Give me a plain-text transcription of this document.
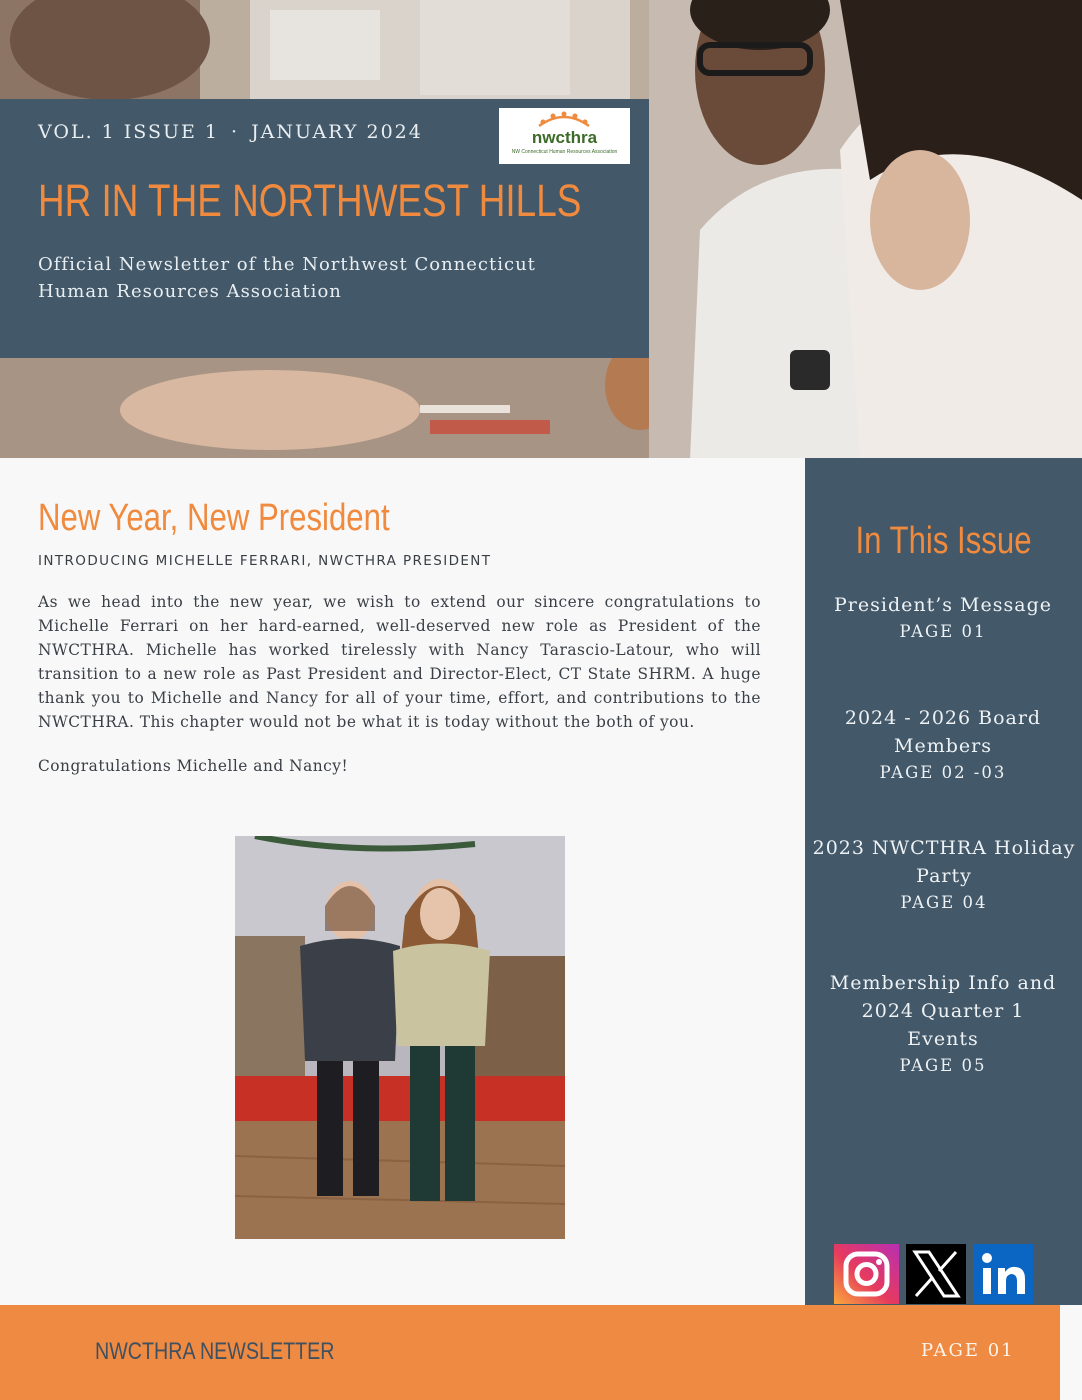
VOL. 1 ISSUE 1 · JANUARY 2024	nwcthra
NW Connecticut Human Resources Association
HR IN THE NORTHWEST HILLS
Official Newsletter of the Northwest Connecticut
Human Resources Association
New Year, New President
INTRODUCING MICHELLE FERRARI, NWCTHRA PRESIDENT
As we head into the new year, we wish to extend our sincere congratulations to Michelle Ferrari on her hard-earned, well-deserved new role as President of the NWCTHRA. Michelle has worked tirelessly with Nancy Tarascio-Latour, who will transition to a new role as Past President and Director-Elect, CT State SHRM. A huge thank you to Michelle and Nancy for all of your time, effort, and contributions to the NWCTHRA. This chapter would not be what it is today without the both of you.
Congratulations Michelle and Nancy!
In This Issue
President’s Message
PAGE 01
2024 - 2026 Board Members
PAGE 02 -03
2023 NWCTHRA Holiday Party
PAGE 04
Membership Info and 2024 Quarter 1 Events
PAGE 05
NWCTHRA NEWSLETTER	PAGE 01
